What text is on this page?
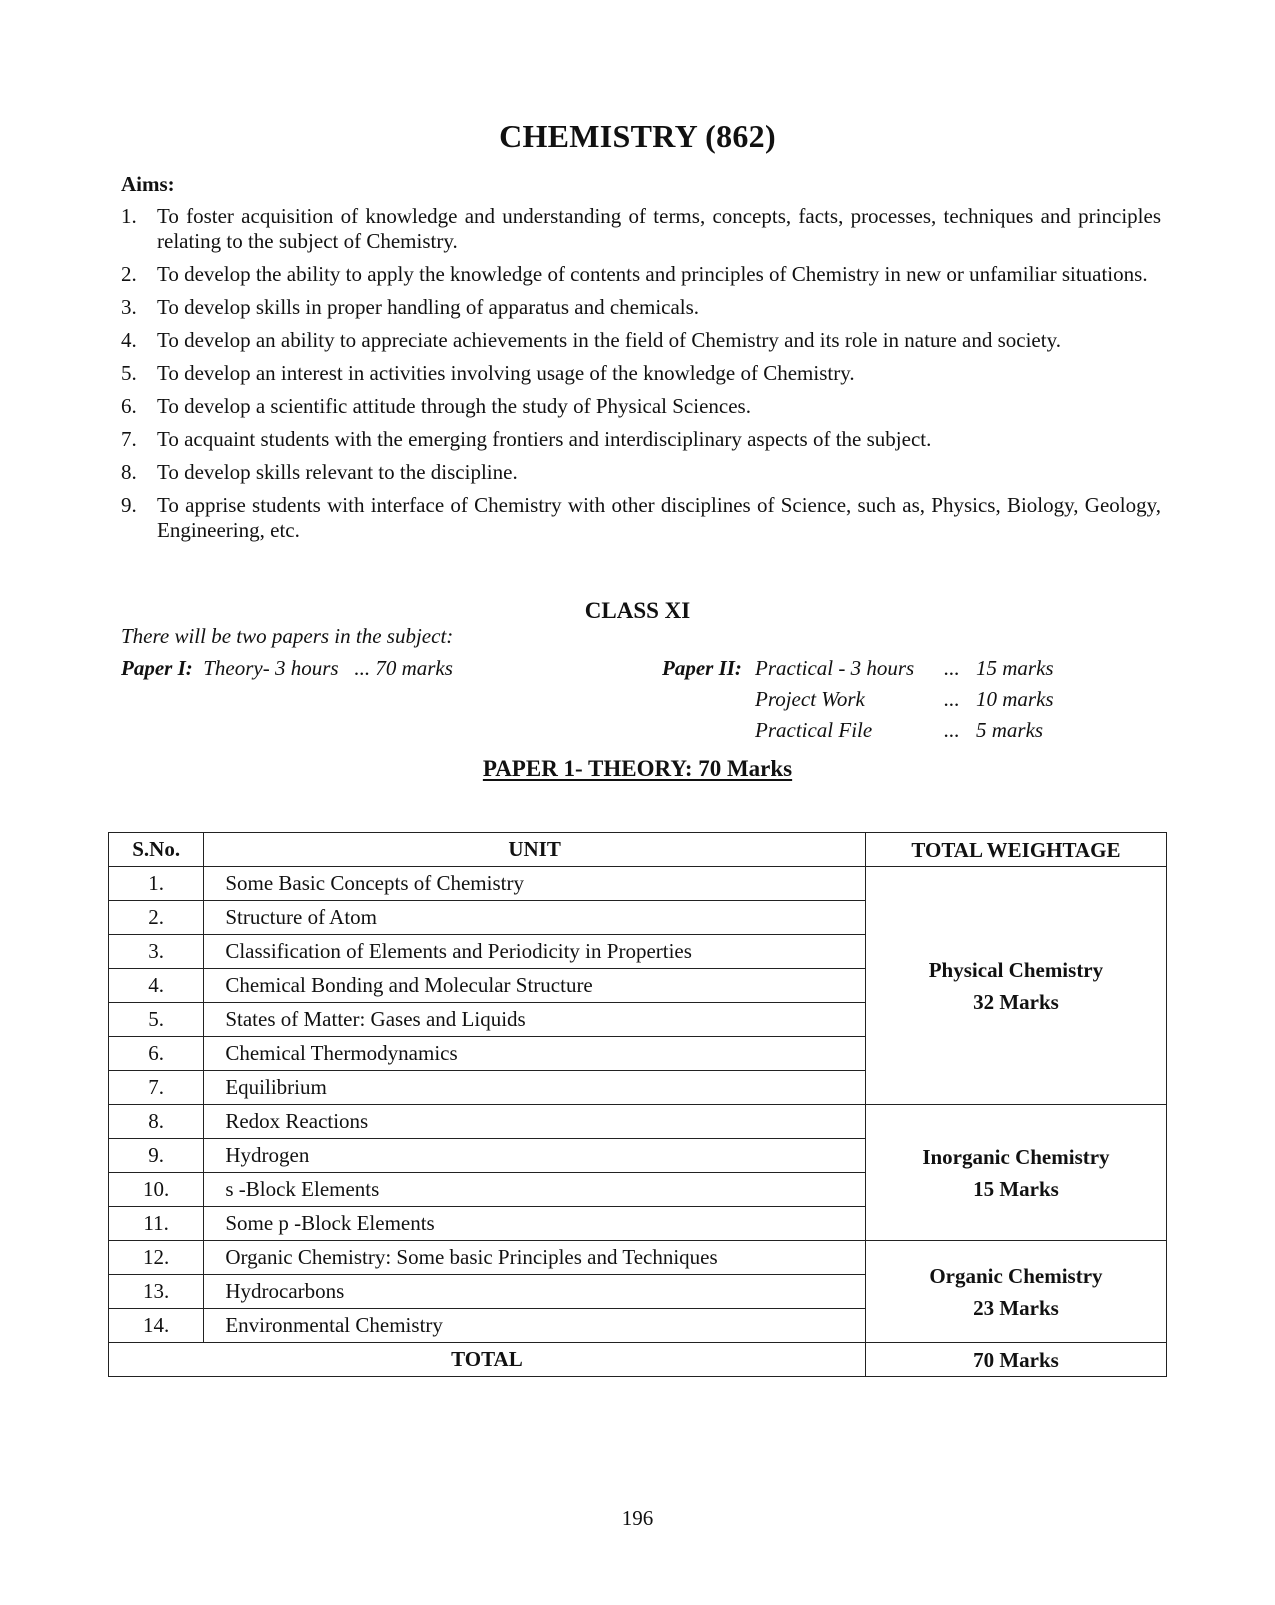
CHEMISTRY (862)
Aims:
1. To foster acquisition of knowledge and understanding of terms, concepts, facts, processes, techniques and principles relating to the subject of Chemistry.
2. To develop the ability to apply the knowledge of contents and principles of Chemistry in new or unfamiliar situations.
3. To develop skills in proper handling of apparatus and chemicals.
4. To develop an ability to appreciate achievements in the field of Chemistry and its role in nature and society.
5. To develop an interest in activities involving usage of the knowledge of Chemistry.
6. To develop a scientific attitude through the study of Physical Sciences.
7. To acquaint students with the emerging frontiers and interdisciplinary aspects of the subject.
8. To develop skills relevant to the discipline.
9. To apprise students with interface of Chemistry with other disciplines of Science, such as, Physics, Biology, Geology, Engineering, etc.
CLASS XI
There will be two papers in the subject:
Paper I: Theory- 3 hours ... 70 marks	Paper II: Practical - 3 hours ... 15 marks
Project Work	... 10 marks
Practical File	... 5 marks
PAPER 1- THEORY: 70 Marks
S.No.	UNIT	TOTAL WEIGHTAGE
1.	Some Basic Concepts of Chemistry	Physical Chemistry
32 Marks

2.	Structure of Atom	
3.	Classification of Elements and Periodicity in Properties	
4.	Chemical Bonding and Molecular Structure	
5.	States of Matter: Gases and Liquids	
6.	Chemical Thermodynamics	
7.	Equilibrium	
8.	Redox Reactions	Inorganic Chemistry
15 Marks

9.	Hydrogen	
10.	s -Block Elements	
11.	Some p -Block Elements	
12.	Organic Chemistry: Some basic Principles and Techniques	Organic Chemistry
23 Marks

13.	Hydrocarbons	
14.	Environmental Chemistry	
TOTAL		70 Marks
196
